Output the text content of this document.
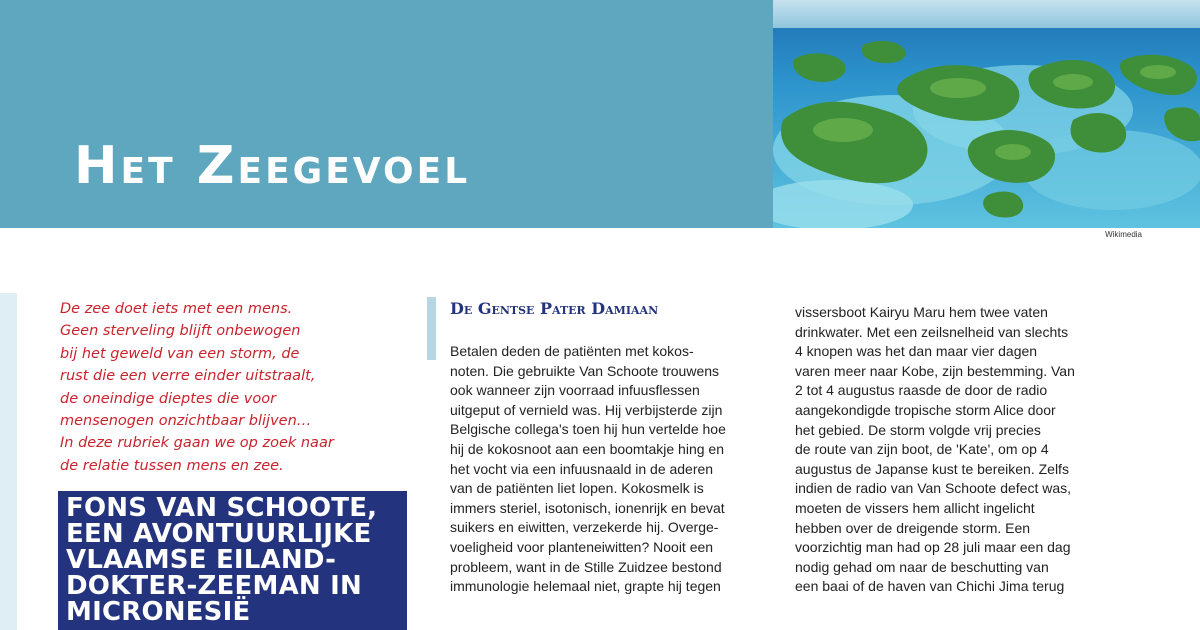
Het Zeegevoel
Wikimedia

De zee doet iets met een mens.

Geen sterveling blijft onbewogen

bij het geweld van een storm, de

rust die een verre einder uitstraalt,

de oneindige dieptes die voor

mensenogen onzichtbaar blijven…

In deze rubriek gaan we op zoek naar

de relatie tussen mens en zee.

FONS VAN SCHOOTE,
EEN AVONTUURLIJKE
VLAAMSE EILAND-
DOKTER-ZEEMAN IN
MICRONESIË

De Gentse Pater Damiaan

Betalen deden de patiënten met kokos-

noten. Die gebruikte Van Schoote trouwens

ook wanneer zijn voorraad infuusflessen

uitgeput of vernield was. Hij verbijsterde zijn

Belgische collega's toen hij hun vertelde hoe

hij de kokosnoot aan een boomtakje hing en

het vocht via een infuusnaald in de aderen

van de patiënten liet lopen. Kokosmelk is

immers steriel, isotonisch, ionenrijk en bevat

suikers en eiwitten, verzekerde hij. Overge-

voeligheid voor planteneiwitten? Nooit een

probleem, want in de Stille Zuidzee bestond

immunologie helemaal niet, grapte hij tegen

vissersboot Kairyu Maru hem twee vaten

drinkwater. Met een zeilsnelheid van slechts

4 knopen was het dan maar vier dagen

varen meer naar Kobe, zijn bestemming. Van

2 tot 4 augustus raasde de door de radio

aangekondigde tropische storm Alice door

het gebied. De storm volgde vrij precies

de route van zijn boot, de 'Kate', om op 4

augustus de Japanse kust te bereiken. Zelfs

indien de radio van Van Schoote defect was,

moeten de vissers hem allicht ingelicht

hebben over de dreigende storm. Een

voorzichtig man had op 28 juli maar een dag

nodig gehad om naar de beschutting van

een baai of de haven van Chichi Jima terug
